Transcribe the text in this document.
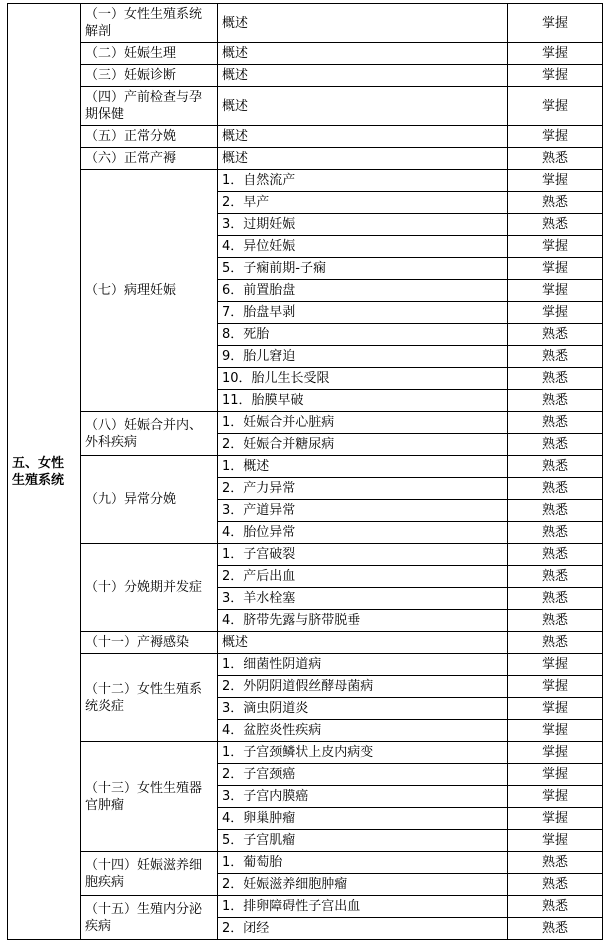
五、女性生殖系统	（一）女性生殖系统解剖	概述	掌握
	（二）妊娠生理	概述	掌握
	（三）妊娠诊断	概述	掌握
	（四）产前检查与孕期保健	概述	掌握
	（五）正常分娩	概述	掌握
	（六）正常产褥	概述	熟悉
	（七）病理妊娠	1．自然流产	掌握
		2．早产	熟悉
		3．过期妊娠	熟悉
		4．异位妊娠	掌握
		5．子痫前期-子痫	掌握
		6．前置胎盘	掌握
		7．胎盘早剥	掌握
		8．死胎	熟悉
		9．胎儿窘迫	熟悉
		10．胎儿生长受限	熟悉
		11．胎膜早破	熟悉
	（八）妊娠合并内、外科疾病	1．妊娠合并心脏病	熟悉
		2．妊娠合并糖尿病	熟悉
	（九）异常分娩	1．概述	熟悉
		2．产力异常	熟悉
		3．产道异常	熟悉
		4．胎位异常	熟悉
	（十）分娩期并发症	1．子宫破裂	熟悉
		2．产后出血	熟悉
		3．羊水栓塞	熟悉
		4．脐带先露与脐带脱垂	熟悉
	（十一）产褥感染	概述	熟悉
	（十二）女性生殖系统炎症	1．细菌性阴道病	掌握
		2．外阴阴道假丝酵母菌病	掌握
		3．滴虫阴道炎	掌握
		4．盆腔炎性疾病	掌握
	（十三）女性生殖器官肿瘤	1．子宫颈鳞状上皮内病变	掌握
		2．子宫颈癌	掌握
		3．子宫内膜癌	掌握
		4．卵巢肿瘤	掌握
		5．子宫肌瘤	掌握
	（十四）妊娠滋养细胞疾病	1．葡萄胎	熟悉
		2．妊娠滋养细胞肿瘤	熟悉
	（十五）生殖内分泌疾病	1．排卵障碍性子宫出血	熟悉
		2．闭经	熟悉
